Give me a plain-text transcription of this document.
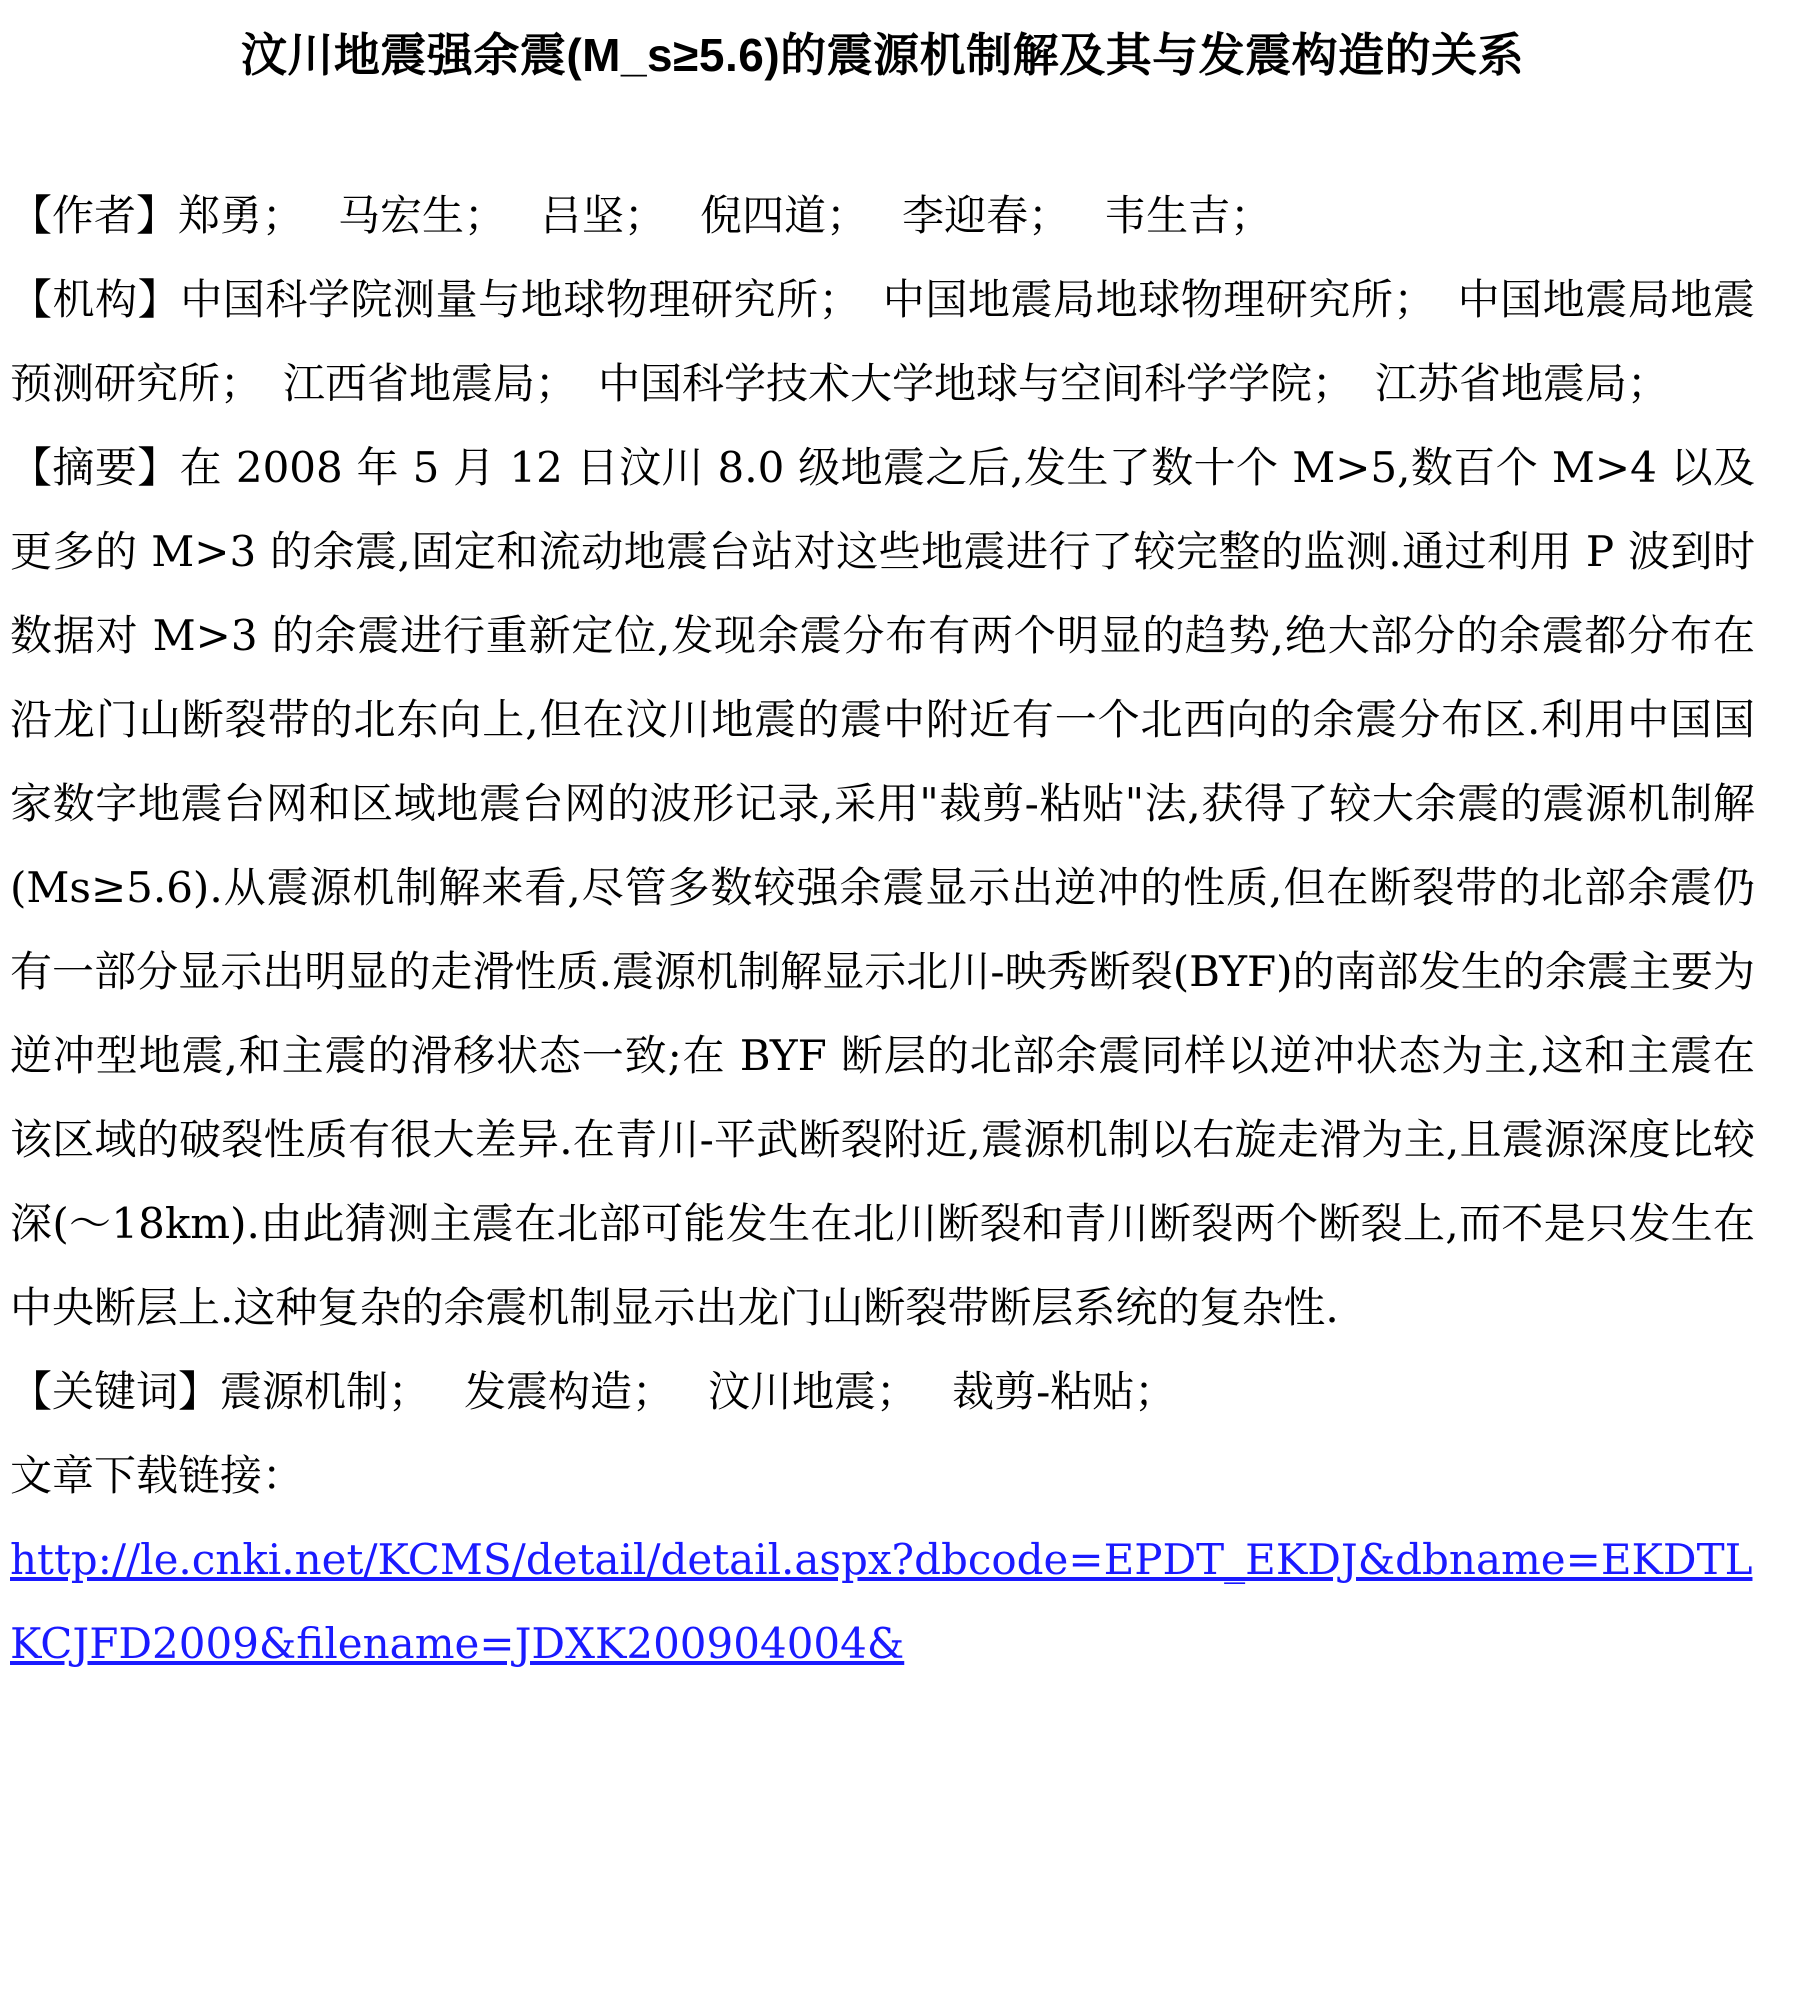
汶川地震强余震(M_s≥5.6)的震源机制解及其与发震构造的关系

【作者】郑勇； 马宏生； 吕坚； 倪四道； 李迎春； 韦生吉；

【机构】中国科学院测量与地球物理研究所；　中国地震局地球物理研究所；　中国地震局地震预测研究所；　江西省地震局；　中国科学技术大学地球与空间科学学院；　江苏省地震局；

【摘要】在 2008 年 5 月 12 日汶川 8.0 级地震之后,发生了数十个 M>5,数百个 M>4 以及更多的 M>3 的余震,固定和流动地震台站对这些地震进行了较完整的监测.通过利用 P 波到时数据对 M>3 的余震进行重新定位,发现余震分布有两个明显的趋势,绝大部分的余震都分布在沿龙门山断裂带的北东向上,但在汶川地震的震中附近有一个北西向的余震分布区.利用中国国家数字地震台网和区域地震台网的波形记录,采用"裁剪-粘贴"法,获得了较大余震的震源机制解(Ms≥5.6).从震源机制解来看,尽管多数较强余震显示出逆冲的性质,但在断裂带的北部余震仍有一部分显示出明显的走滑性质.震源机制解显示北川-映秀断裂(BYF)的南部发生的余震主要为逆冲型地震,和主震的滑移状态一致;在 BYF 断层的北部余震同样以逆冲状态为主,这和主震在该区域的破裂性质有很大差异.在青川-平武断裂附近,震源机制以右旋走滑为主,且震源深度比较深(～18km).由此猜测主震在北部可能发生在北川断裂和青川断裂两个断裂上,而不是只发生在中央断层上.这种复杂的余震机制显示出龙门山断裂带断层系统的复杂性.

【关键词】震源机制； 发震构造； 汶川地震； 裁剪-粘贴；

文章下载链接：

http://le.cnki.net/KCMS/detail/detail.aspx?dbcode=EPDT_EKDJ&dbname=EKDTLKCJFD2009&filename=JDXK200904004&
